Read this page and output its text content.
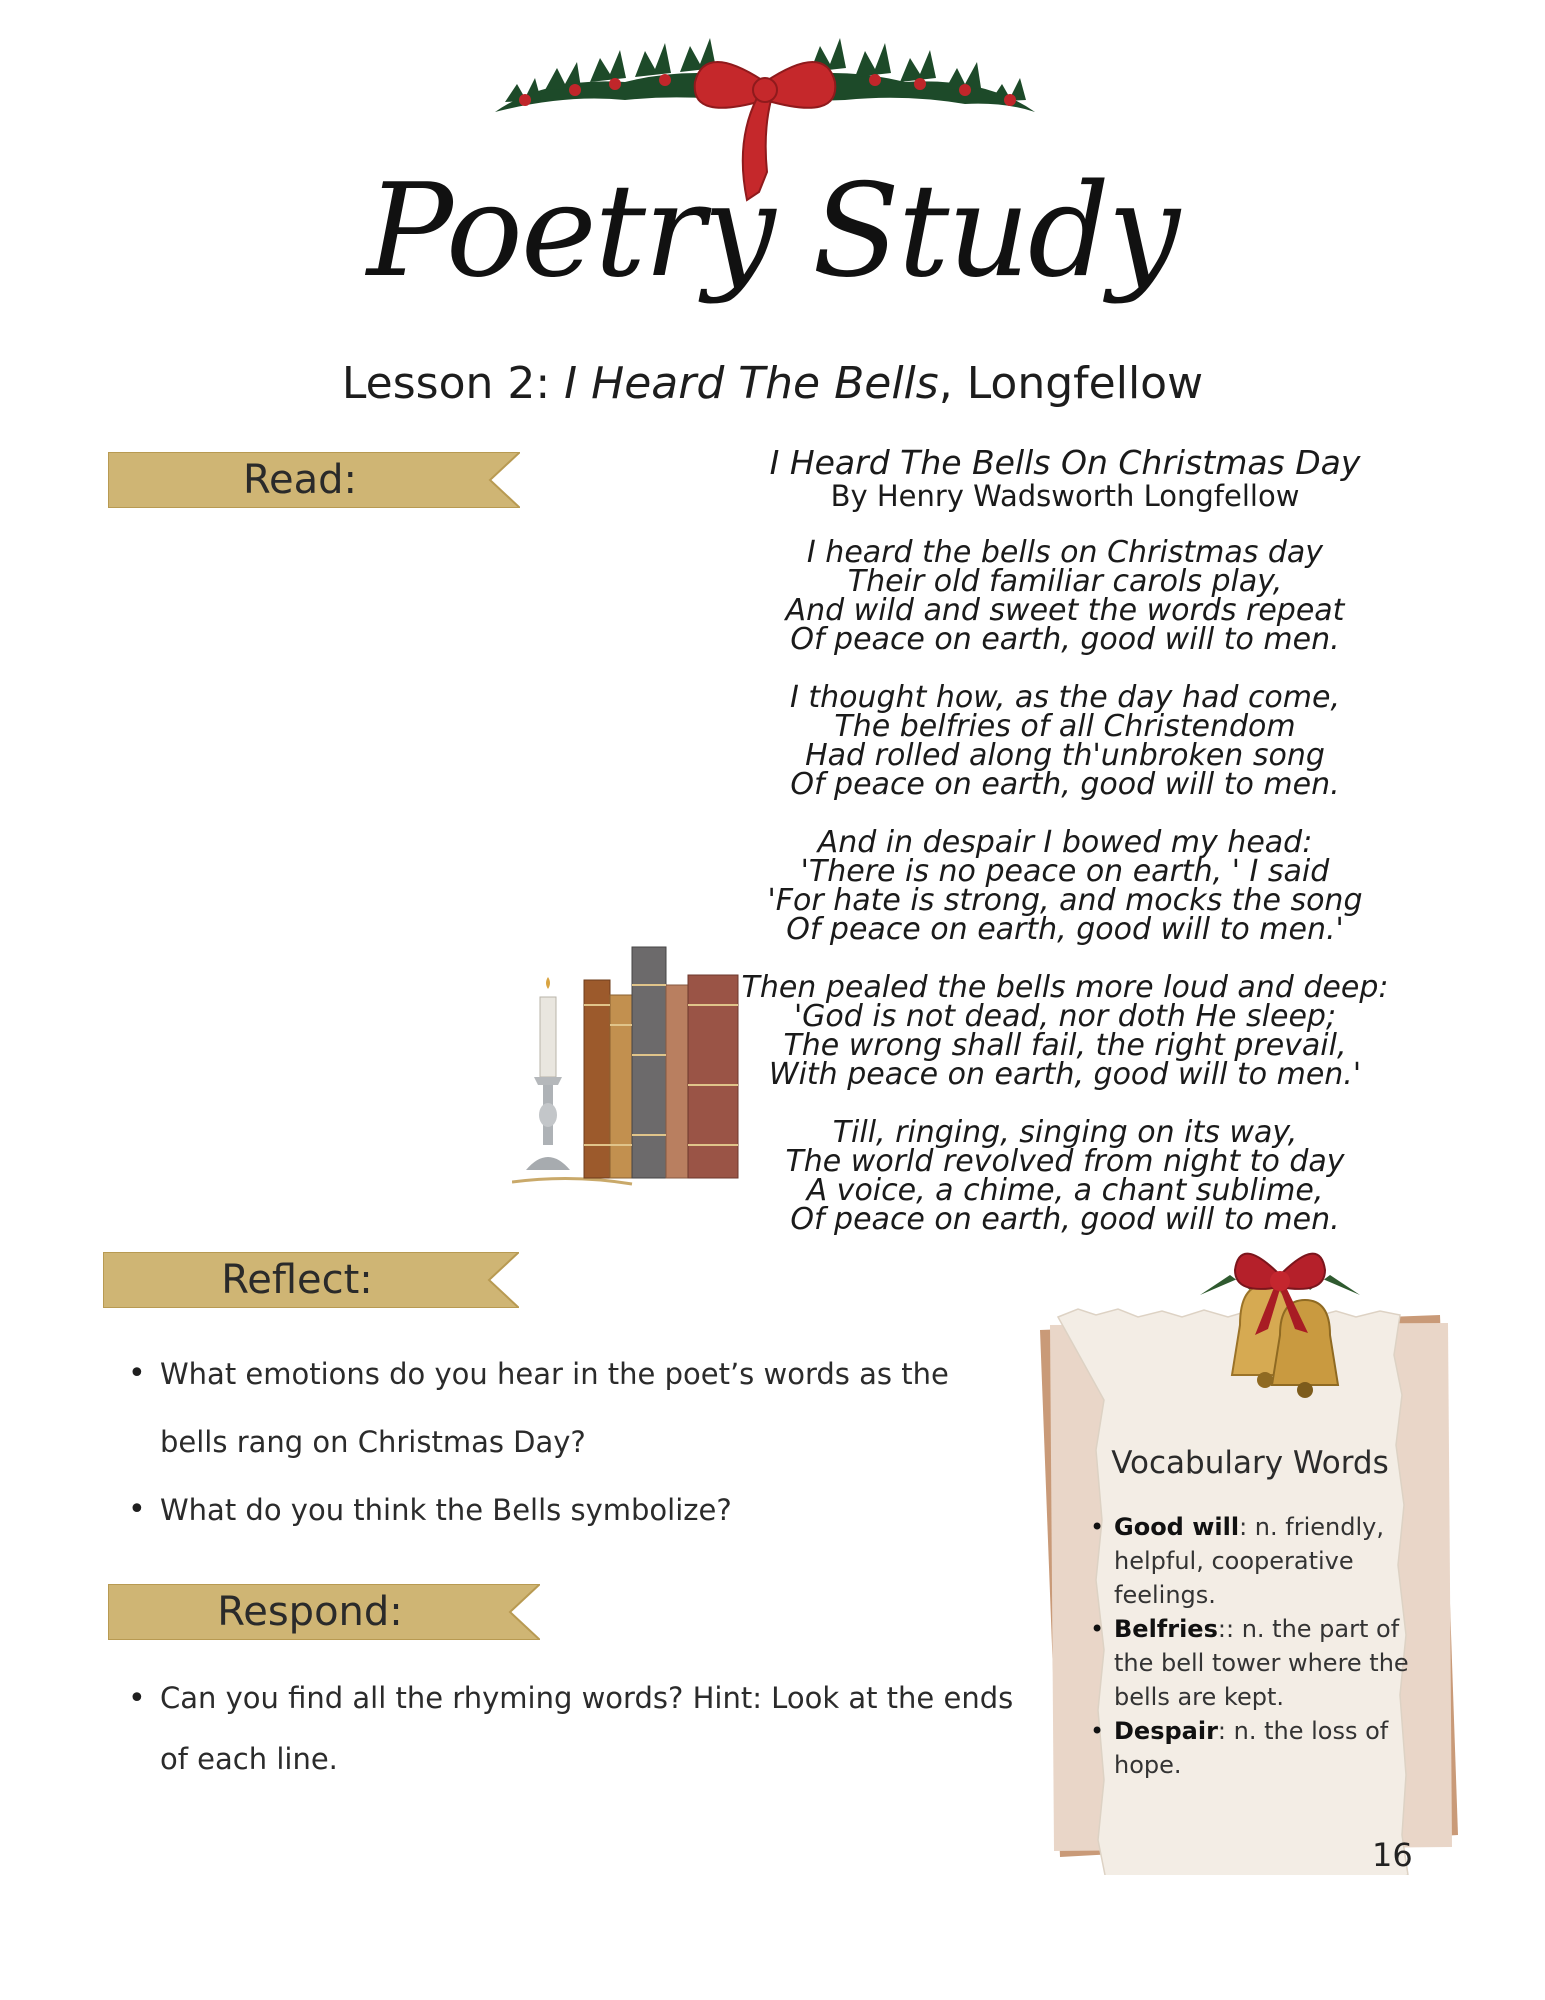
Poetry Study
Lesson 2: I Heard The Bells, Longfellow
Read:	I Heard The Bells On Christmas Day
By Henry Wadsworth Longfellow
I heard the bells on Christmas day
Their old familiar carols play,
And wild and sweet the words repeat
Of peace on earth, good will to men.
I thought how, as the day had come,
The belfries of all Christendom
Had rolled along th'unbroken song
Of peace on earth, good will to men.
And in despair I bowed my head:
'There is no peace on earth, ' I said
'For hate is strong, and mocks the song
Of peace on earth, good will to men.'
Then pealed the bells more loud and deep:
'God is not dead, nor doth He sleep;
The wrong shall fail, the right prevail,
With peace on earth, good will to men.'
Till, ringing, singing on its way,
The world revolved from night to day
A voice, a chime, a chant sublime,
Of peace on earth, good will to men.
Reflect:
• What emotions do you hear in the poet’s words as the bells rang on Christmas Day?
• What do you think the Bells symbolize?
Respond:
• Can you find all the rhyming words? Hint: Look at the ends of each line.
Vocabulary Words
• Good will: n. friendly, helpful, cooperative feelings.
• Belfries:: n. the part of the bell tower where the bells are kept.
• Despair: n. the loss of hope.
16
